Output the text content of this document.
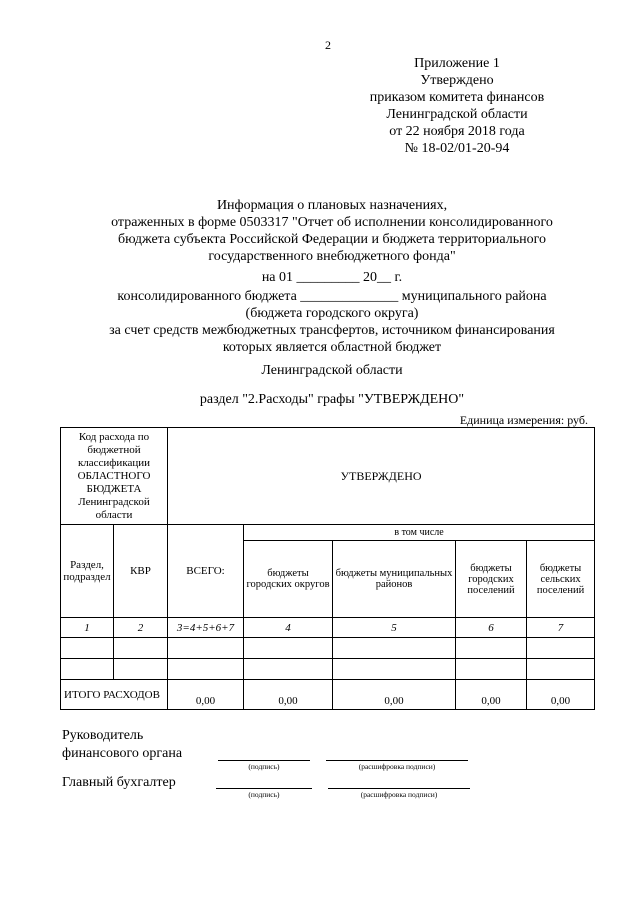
2
Приложение 1
Утверждено
приказом комитета финансов
Ленинградской области
от 22 ноября 2018 года
№ 18-02/01-20-94
Информация о плановых назначениях,
отраженных в форме 0503317 "Отчет об исполнении консолидированного
бюджета субъекта Российской Федерации и бюджета территориального
государственного внебюджетного фонда"
на 01 _________ 20__ г.
консолидированного бюджета ______________ муниципального района
(бюджета городского округа)
за счет средств межбюджетных трансфертов, источником финансирования
которых является областной бюджет
Ленинградской области
раздел "2.Расходы" графы "УТВЕРЖДЕНО"
Единица измерения: руб.
Код расхода по бюджетной классификации ОБЛАСТНОГО БЮДЖЕТА Ленинградской области		УТВЕРЖДЕНО				
Раздел, подраздел	КВР	ВСЕГО:	в том числе			
			бюджеты городских округов	бюджеты муниципальных районов	бюджеты городских поселений	бюджеты сельских поселений
1	2	3=4+5+6+7	4	5	6	7

ИТОГО РАСХОДОВ		0,00	0,00	0,00	0,00	0,00
Руководитель
финансового органа
(подпись)	(расшифровка подписи)
Главный бухгалтер
(подпись)	(расшифровка подписи)
